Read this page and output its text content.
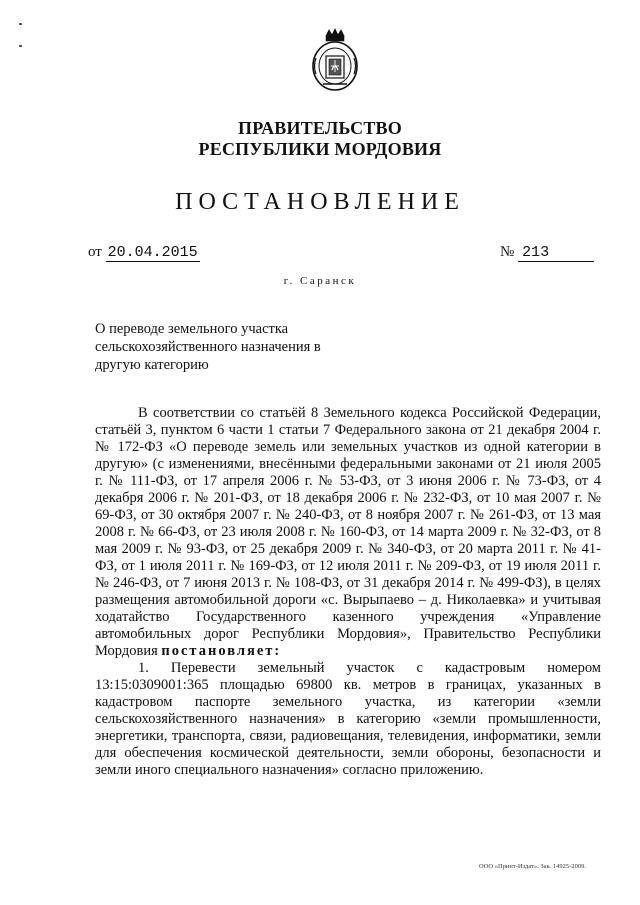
ПРАВИТЕЛЬСТВО
РЕСПУБЛИКИ МОРДОВИЯ
ПОСТАНОВЛЕНИЕ
от 20.04.2015	№ 213
г. Саранск
О переводе земельного участка сельскохозяйственного назначения в другую категорию

В соответствии со статьёй 8 Земельного кодекса Российской Федерации, статьёй 3, пунктом 6 части 1 статьи 7 Федерального закона от 21 декабря 2004 г. № 172-ФЗ «О переводе земель или земельных участков из одной категории в другую» (с изменениями, внесёнными федеральными законами от 21 июля 2005 г. № 111-ФЗ, от 17 апреля 2006 г. № 53-ФЗ, от 3 июня 2006 г. № 73-ФЗ, от 4 декабря 2006 г. № 201-ФЗ, от 18 декабря 2006 г. № 232-ФЗ, от 10 мая 2007 г. № 69-ФЗ, от 30 октября 2007 г. № 240-ФЗ, от 8 ноября 2007 г. № 261-ФЗ, от 13 мая 2008 г. № 66-ФЗ, от 23 июля 2008 г. № 160-ФЗ, от 14 марта 2009 г. № 32-ФЗ, от 8 мая 2009 г. № 93-ФЗ, от 25 декабря 2009 г. № 340-ФЗ, от 20 марта 2011 г. № 41-ФЗ, от 1 июля 2011 г. № 169-ФЗ, от 12 июля 2011 г. № 209-ФЗ, от 19 июля 2011 г. № 246-ФЗ, от 7 июня 2013 г. № 108-ФЗ, от 31 декабря 2014 г. № 499-ФЗ), в целях размещения автомобильной дороги «с. Вырыпаево – д. Николаевка» и учитывая ходатайство Государственного казенного учреждения «Управление автомобильных дорог Республики Мордовия», Правительство Республики Мордовия постановляет:

1. Перевести земельный участок с кадастровым номером 13:15:0309001:365 площадью 69800 кв. метров в границах, указанных в кадастровом паспорте земельного участка, из категории «земли сельскохозяйственного назначения» в категорию «земли промышленности, энергетики, транспорта, связи, радиовещания, телевидения, информатики, земли для обеспечения космической деятельности, земли обороны, безопасности и земли иного специального назначения» согласно приложению.

ООО «Принт-Издат». Зак. 14925-2009.
